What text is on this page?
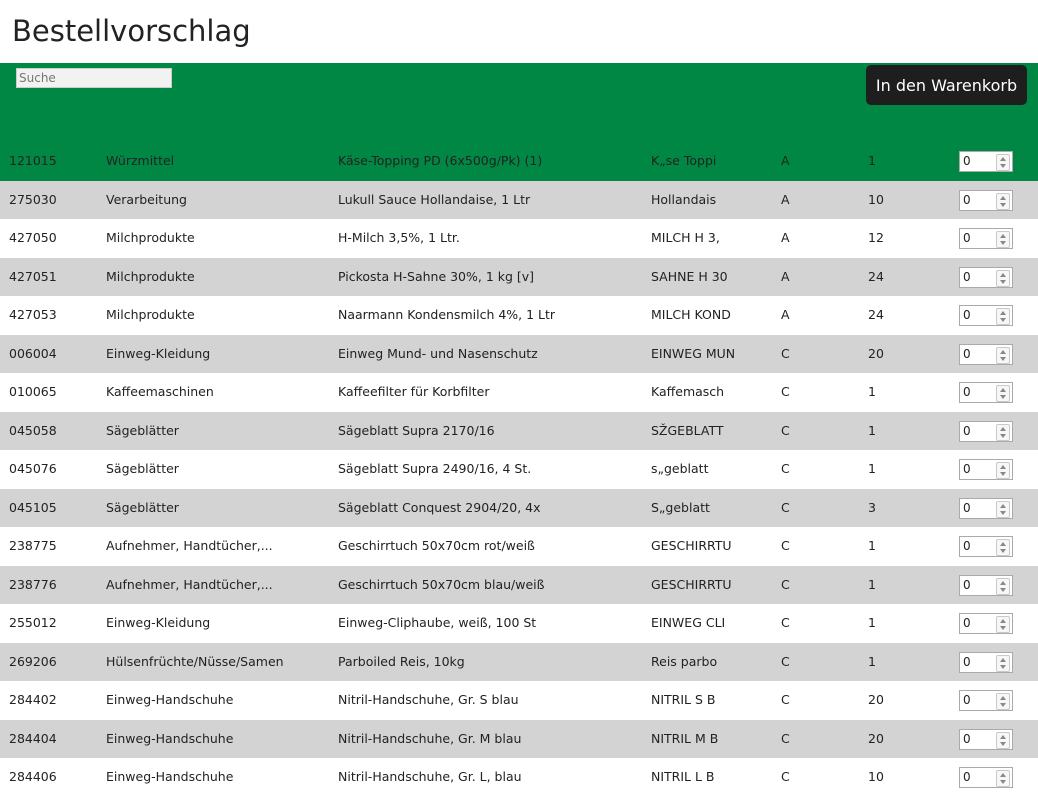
Bestellvorschlag
Suche
In den Warenkorb
121015	Würzmittel	Käse-Topping PD (6x500g/Pk) (1)	K„se Toppi	A	1	0
275030	Verarbeitung	Lukull Sauce Hollandaise, 1 Ltr	Hollandais	A	10	0
427050	Milchprodukte	H-Milch 3,5%, 1 Ltr.	MILCH H 3,	A	12	0
427051	Milchprodukte	Pickosta H-Sahne 30%, 1 kg [v]	SAHNE H 30	A	24	0
427053	Milchprodukte	Naarmann Kondensmilch 4%, 1 Ltr	MILCH KOND	A	24	0
006004	Einweg-Kleidung	Einweg Mund- und Nasenschutz	EINWEG MUN	C	20	0
010065	Kaffeemaschinen	Kaffeefilter für Korbfilter	Kaffemasch	C	1	0
045058	Sägeblätter	Sägeblatt Supra 2170/16	SŽGEBLATT	C	1	0
045076	Sägeblätter	Sägeblatt Supra 2490/16, 4 St.	s„geblatt	C	1	0
045105	Sägeblätter	Sägeblatt Conquest 2904/20, 4x	S„geblatt	C	3	0
238775	Aufnehmer, Handtücher,...	Geschirrtuch 50x70cm rot/weiß	GESCHIRRTU	C	1	0
238776	Aufnehmer, Handtücher,...	Geschirrtuch 50x70cm blau/weiß	GESCHIRRTU	C	1	0
255012	Einweg-Kleidung	Einweg-Cliphaube, weiß, 100 St	EINWEG CLI	C	1	0
269206	Hülsenfrüchte/Nüsse/Samen	Parboiled Reis, 10kg	Reis parbo	C	1	0
284402	Einweg-Handschuhe	Nitril-Handschuhe, Gr. S blau	NITRIL S B	C	20	0
284404	Einweg-Handschuhe	Nitril-Handschuhe, Gr. M blau	NITRIL M B	C	20	0
284406	Einweg-Handschuhe	Nitril-Handschuhe, Gr. L, blau	NITRIL L B	C	10	0
